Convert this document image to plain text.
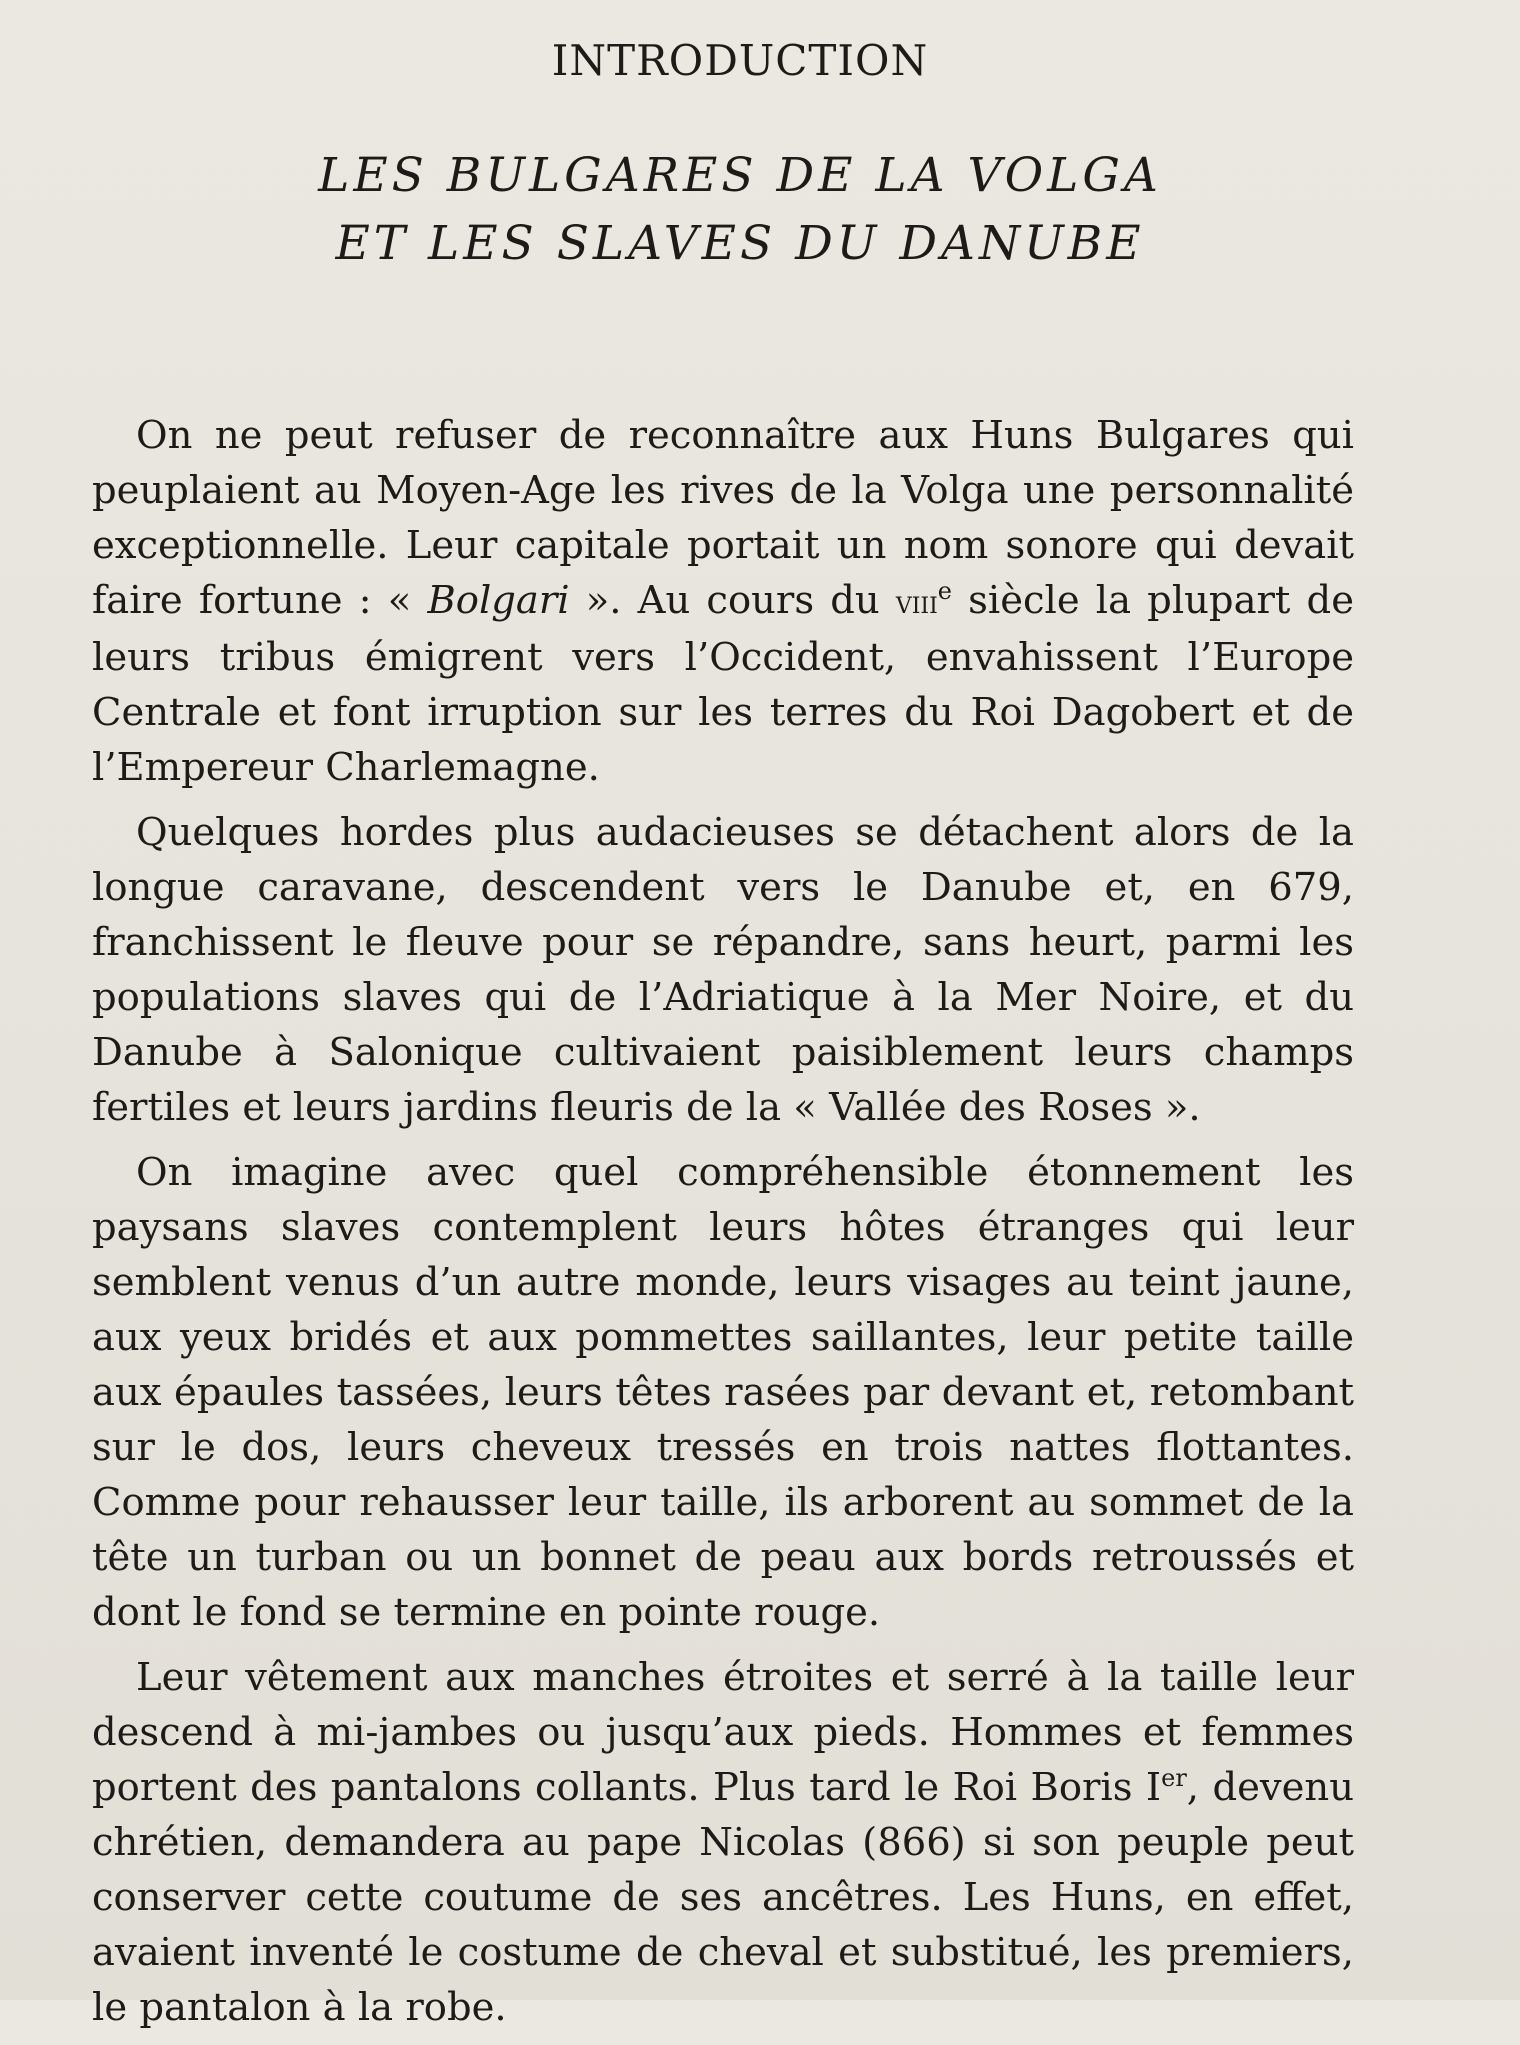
INTRODUCTION
LES BULGARES DE LA VOLGA
ET LES SLAVES DU DANUBE

On ne peut refuser de reconnaître aux Huns Bulgares qui peuplaient au Moyen-Age les rives de la Volga une personnalité exceptionnelle. Leur capitale portait un nom sonore qui devait faire fortune : « Bolgari ». Au cours du viii$^e$ siècle la plupart de leurs tribus émigrent vers l’Occident, envahissent l’Europe Centrale et font irruption sur les terres du Roi Dagobert et de l’Empereur Charlemagne.

Quelques hordes plus audacieuses se détachent alors de la longue caravane, descendent vers le Danube et, en 679, franchissent le fleuve pour se répandre, sans heurt, parmi les populations slaves qui de l’Adriatique à la Mer Noire, et du Danube à Salonique cultivaient paisiblement leurs champs fertiles et leurs jardins fleuris de la « Vallée des Roses ».

On imagine avec quel compréhensible étonnement les paysans slaves contemplent leurs hôtes étranges qui leur semblent venus d’un autre monde, leurs visages au teint jaune, aux yeux bridés et aux pommettes saillantes, leur petite taille aux épaules tassées, leurs têtes rasées par devant et, retombant sur le dos, leurs cheveux tressés en trois nattes flottantes. Comme pour rehausser leur taille, ils arborent au sommet de la tête un turban ou un bonnet de peau aux bords retroussés et dont le fond se termine en pointe rouge.

Leur vêtement aux manches étroites et serré à la taille leur descend à mi-jambes ou jusqu’aux pieds. Hommes et femmes portent des pantalons collants. Plus tard le Roi Boris Ier, devenu chrétien, demandera au pape Nicolas (866) si son peuple peut conserver cette coutume de ses ancêtres. Les Huns, en effet, avaient inventé le costume de cheval et substitué, les premiers, le pantalon à la robe.
